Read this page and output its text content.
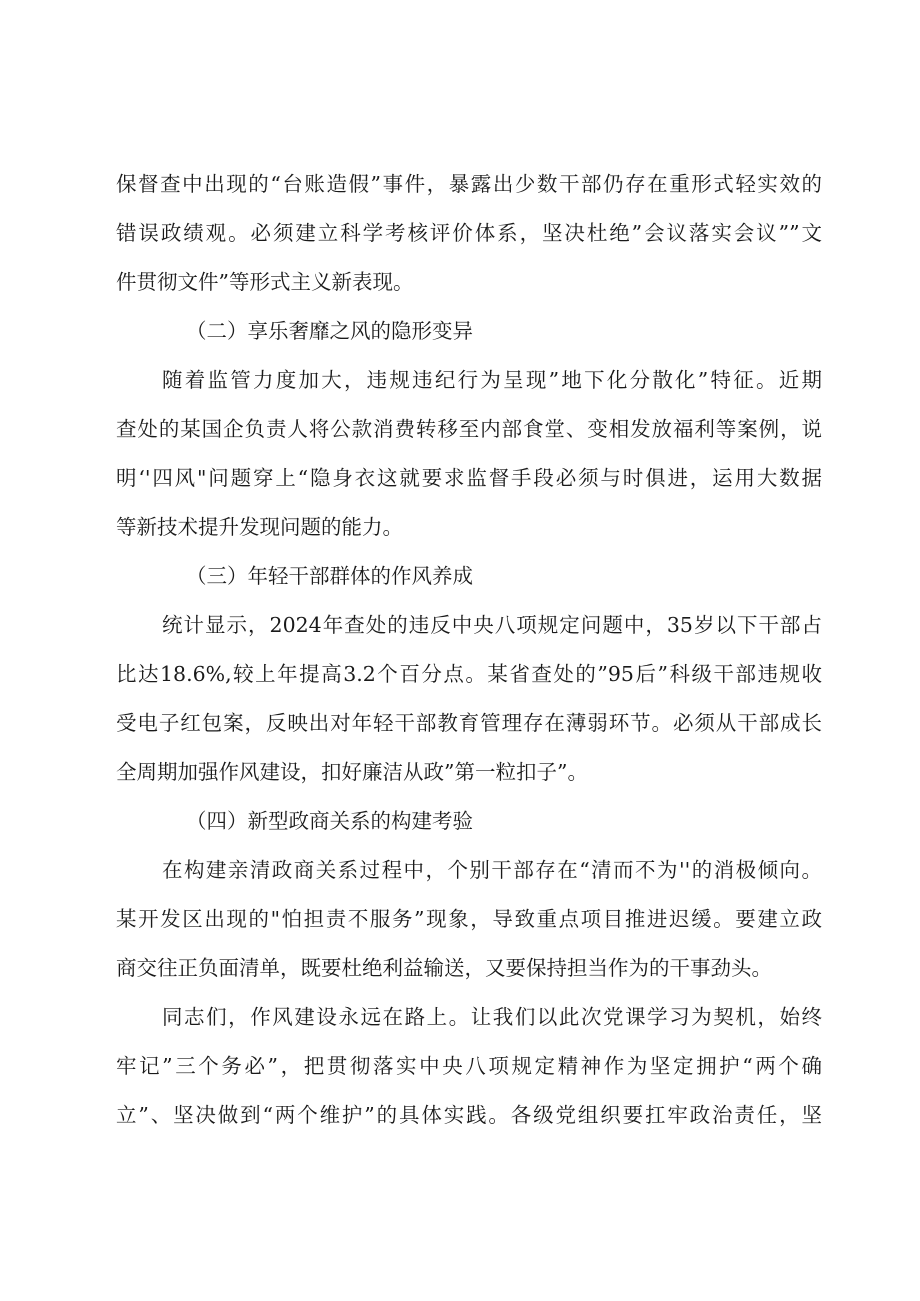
保督查中出现的“台账造假”事件，暴露出少数干部仍存在重形式轻实效的
错误政绩观。必须建立科学考核评价体系，坚决杜绝”会议落实会议””文
件贯彻文件”等形式主义新表现。
（二）享乐奢靡之风的隐形变异
随着监管力度加大，违规违纪行为呈现”地下化分散化”特征。近期
查处的某国企负责人将公款消费转移至内部食堂、变相发放福利等案例，说
明‘'四风"问题穿上“隐身衣这就要求监督手段必须与时俱进，运用大数据
等新技术提升发现问题的能力。
（三）年轻干部群体的作风养成
统计显示，2024年查处的违反中央八项规定问题中，35岁以下干部占
比达18.6%,较上年提高3.2个百分点。某省查处的”95后”科级干部违规收
受电子红包案，反映出对年轻干部教育管理存在薄弱环节。必须从干部成长
全周期加强作风建设，扣好廉洁从政”第一粒扣子”。
（四）新型政商关系的构建考验
在构建亲清政商关系过程中，个别干部存在“清而不为''的消极倾向。
某开发区出现的"怕担责不服务”现象，导致重点项目推进迟缓。要建立政
商交往正负面清单，既要杜绝利益输送，又要保持担当作为的干事劲头。
同志们，作风建设永远在路上。让我们以此次党课学习为契机，始终
牢记”三个务必”，把贯彻落实中央八项规定精神作为坚定拥护“两个确
立”、坚决做到“两个维护”的具体实践。各级党组织要扛牢政治责任，坚
